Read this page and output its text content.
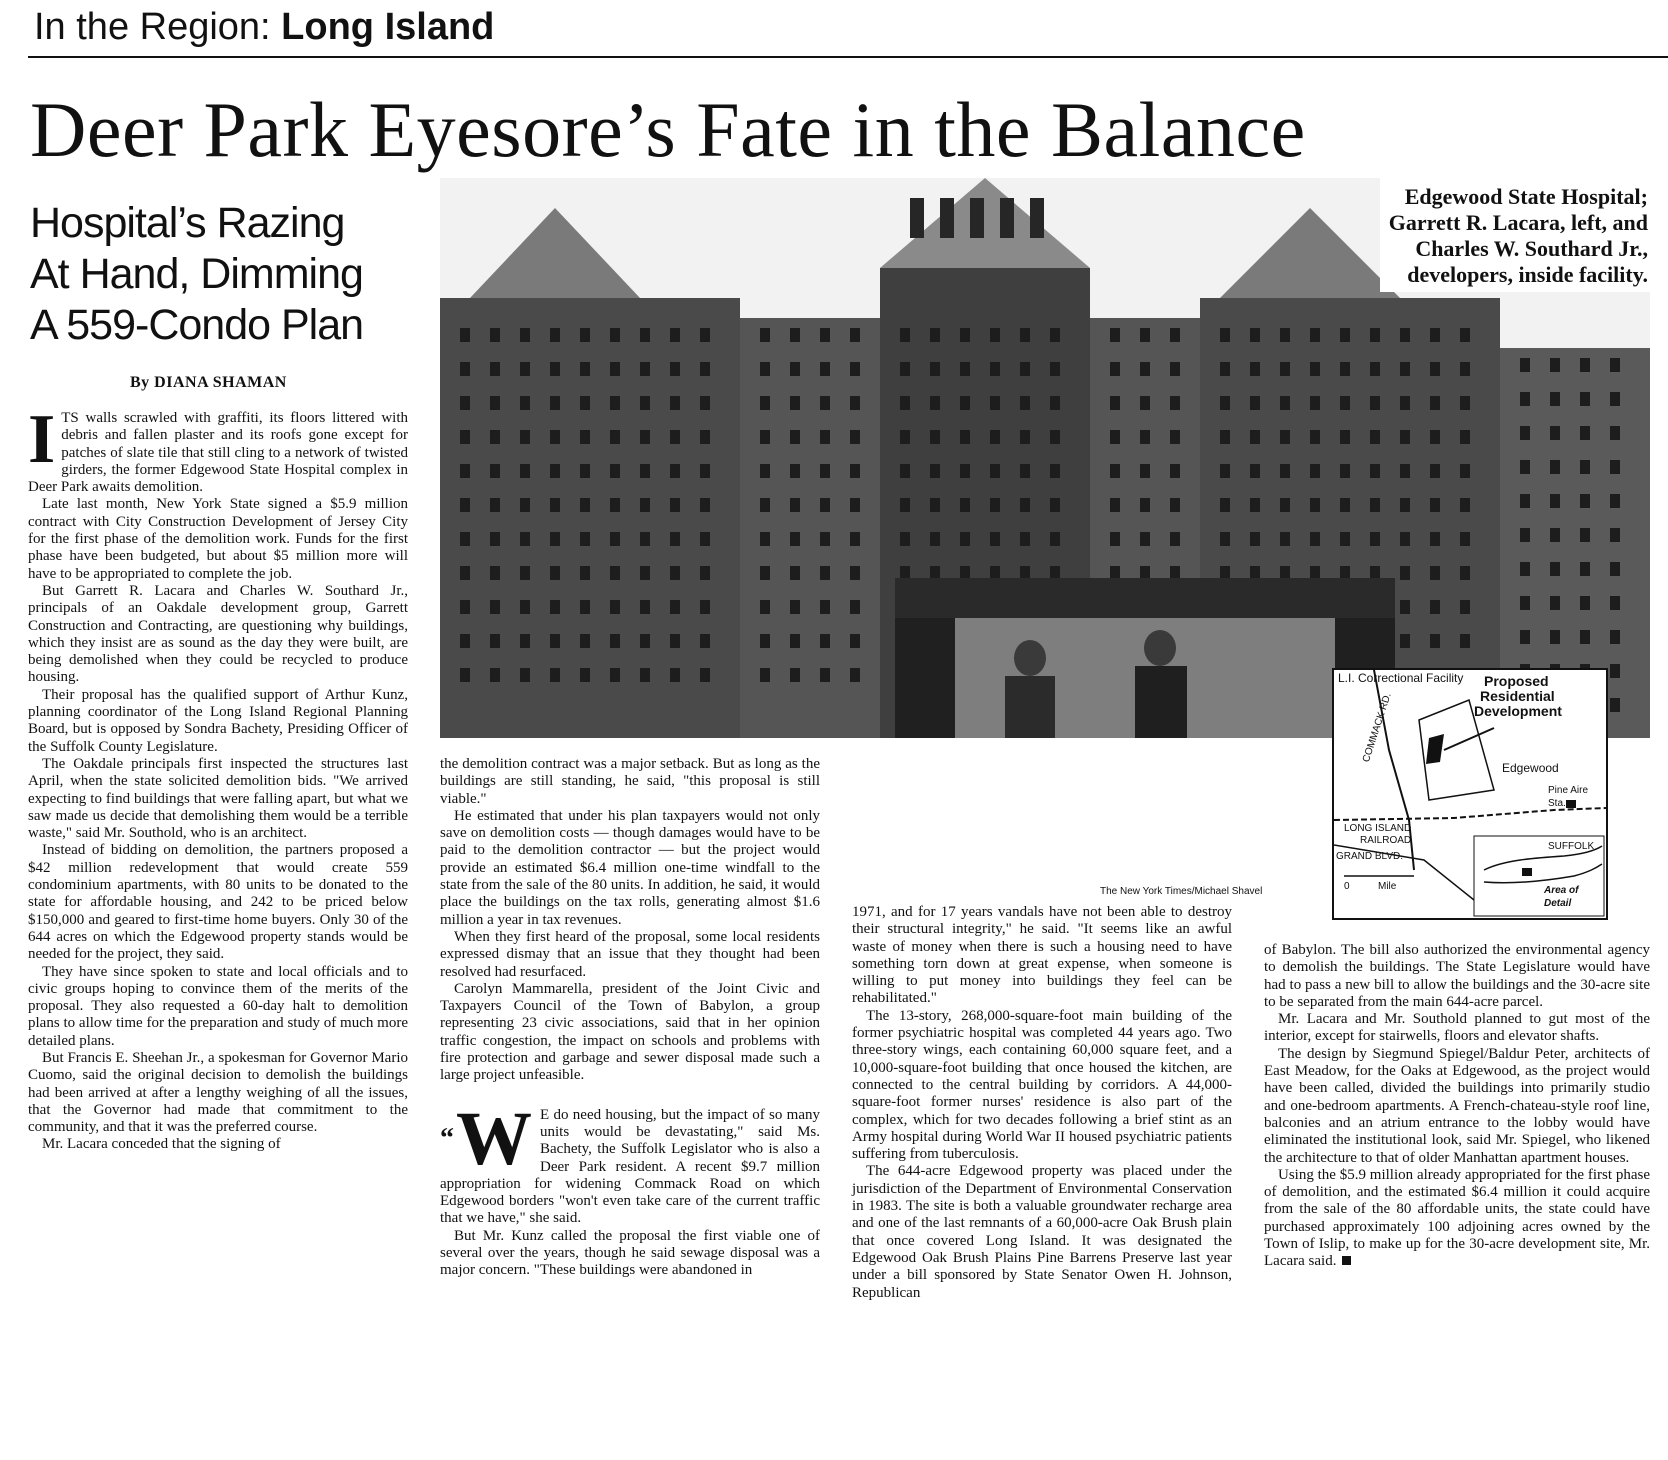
In the Region: Long Island
Deer Park Eyesore’s Fate in the Balance
Hospital’s Razing
At Hand, Dimming
A 559-Condo Plan
By DIANA SHAMAN
Edgewood State Hospital; Garrett R. Lacara, left, and Charles W. Southard Jr., developers, inside facility.
The New York Times/Michael Shavel
L.I. Correctional Facility Proposed
Residential
Development
COMMACK RD.
Edgewood
Pine Aire Sta.
LONG ISLAND
RAILROAD
GRAND BLVD.
0	Mile
SUFFOLK
Area of Detail

ITS walls scrawled with graffiti, its floors littered with debris and fallen plaster and its roofs gone except for patches of slate tile that still cling to a network of twisted girders, the former Edgewood State Hospital complex in Deer Park awaits demolition.

Late last month, New York State signed a $5.9 million contract with City Construction Development of Jersey City for the first phase of the demolition work. Funds for the first phase have been budgeted, but about $5 million more will have to be appropriated to complete the job.

But Garrett R. Lacara and Charles W. Southard Jr., principals of an Oakdale development group, Garrett Construction and Contracting, are questioning why buildings, which they insist are as sound as the day they were built, are being demolished when they could be recycled to produce housing.

Their proposal has the qualified support of Arthur Kunz, planning coordinator of the Long Island Regional Planning Board, but is opposed by Sondra Bachety, Presiding Officer of the Suffolk County Legislature.

The Oakdale principals first inspected the structures last April, when the state solicited demolition bids. "We arrived expecting to find buildings that were falling apart, but what we saw made us decide that demolishing them would be a terrible waste," said Mr. Southold, who is an architect.

Instead of bidding on demolition, the partners proposed a $42 million redevelopment that would create 559 condominium apartments, with 80 units to be donated to the state for affordable housing, and 242 to be priced below $150,000 and geared to first-time home buyers. Only 30 of the 644 acres on which the Edgewood property stands would be needed for the project, they said.

They have since spoken to state and local officials and to civic groups hoping to convince them of the merits of the proposal. They also requested a 60-day halt to demolition plans to allow time for the preparation and study of much more detailed plans.

But Francis E. Sheehan Jr., a spokesman for Governor Mario Cuomo, said the original decision to demolish the buildings had been arrived at after a lengthy weighing of all the issues, that the Governor had made that commitment to the community, and that it was the preferred course.

Mr. Lacara conceded that the signing of

the demolition contract was a major setback. But as long as the buildings are still standing, he said, "this proposal is still viable."

He estimated that under his plan taxpayers would not only save on demolition costs — though damages would have to be paid to the demolition contractor — but the project would provide an estimated $6.4 million one-time windfall to the state from the sale of the 80 units. In addition, he said, it would place the buildings on the tax rolls, generating almost $1.6 million a year in tax revenues.

When they first heard of the proposal, some local residents expressed dismay that an issue that they thought had been resolved had resurfaced.

Carolyn Mammarella, president of the Joint Civic and Taxpayers Council of the Town of Babylon, a group representing 23 civic associations, said that in her opinion traffic congestion, the impact on schools and problems with fire protection and garbage and sewer disposal made such a large project unfeasible.

“W E do need housing, but the impact of so many units would be devastating," said Ms. Bachety, the Suffolk Legislator who is also a Deer Park resident. A recent $9.7 million appropriation for widening Commack Road on which Edgewood borders "won't even take care of the current traffic that we have," she said.

But Mr. Kunz called the proposal the first viable one of several over the years, though he said sewage disposal was a major concern. "These buildings were abandoned in

1971, and for 17 years vandals have not been able to destroy their structural integrity," he said. "It seems like an awful waste of money when there is such a housing need to have something torn down at great expense, when someone is willing to put money into buildings they feel can be rehabilitated."

The 13-story, 268,000-square-foot main building of the former psychiatric hospital was completed 44 years ago. Two three-story wings, each containing 60,000 square feet, and a 10,000-square-foot building that once housed the kitchen, are connected to the central building by corridors. A 44,000-square-foot former nurses' residence is also part of the complex, which for two decades following a brief stint as an Army hospital during World War II housed psychiatric patients suffering from tuberculosis.

The 644-acre Edgewood property was placed under the jurisdiction of the Department of Environmental Conservation in 1983. The site is both a valuable groundwater recharge area and one of the last remnants of a 60,000-acre Oak Brush plain that once covered Long Island. It was designated the Edgewood Oak Brush Plains Pine Barrens Preserve last year under a bill sponsored by State Senator Owen H. Johnson, Republican

of Babylon. The bill also authorized the environmental agency to demolish the buildings. The State Legislature would have had to pass a new bill to allow the buildings and the 30-acre site to be separated from the main 644-acre parcel.

Mr. Lacara and Mr. Southold planned to gut most of the interior, except for stairwells, floors and elevator shafts.

The design by Siegmund Spiegel/Baldur Peter, architects of East Meadow, for the Oaks at Edgewood, as the project would have been called, divided the buildings into primarily studio and one-bedroom apartments. A French-chateau-style roof line, balconies and an atrium entrance to the lobby would have eliminated the institutional look, said Mr. Spiegel, who likened the architecture to that of older Manhattan apartment houses.

Using the $5.9 million already appropriated for the first phase of demolition, and the estimated $6.4 million it could acquire from the sale of the 80 affordable units, the state could have purchased approximately 100 adjoining acres owned by the Town of Islip, to make up for the 30-acre development site, Mr. Lacara said.
